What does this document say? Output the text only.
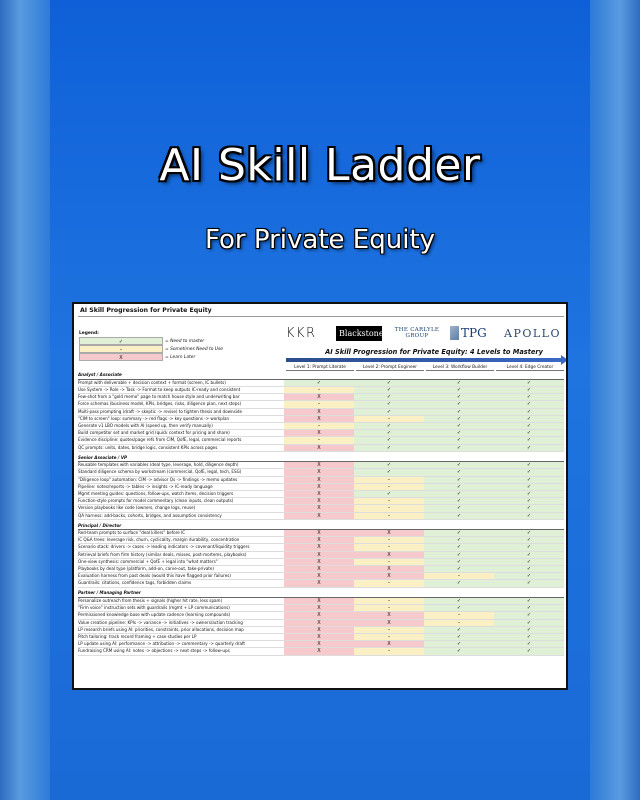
AI Skill Ladder
For Private Equity
AI Skill Progression for Private Equity
Legend:
✓	= Need to master
–	= Sometimes Need to Use
X	= Learn Later
KKR	Blackstone	THE CARLYLE GROUP	TPG APOLLO
AI Skill Progression for Private Equity: 4 Levels to Mastery
Level 1: Prompt Literate	Level 2: Prompt Engineer	Level 3: Workflow Builder	Level 4: Edge Creator
Analyst / Associate				
Prompt with deliverable + decision context + format (screen, IC bullets)	✓	✓	✓	✓
Use System -> Role -> Task -> Format to keep outputs IC-ready and consistent	–	✓	✓	✓
Few-shot from a "gold memo" page to match house style and underwriting bar	X	✓	✓	✓
Force schemas (business model, KPIs, bridges, risks, diligence plan, next steps)	–	✓	✓	✓
Multi-pass prompting (draft -> skeptic -> revise) to tighten thesis and downside	X	✓	✓	✓
"CIM to screen" loop: summary -> red flags -> key questions -> workplan	X	–	✓	✓
Generate v1 LBO models with AI (speed up, then verify manually)	–	✓	✓	✓
Build competitor set and market grid (quick context for pricing and share)	X	✓	✓	✓
Evidence discipline: quotes/page refs from CIM, QofE, legal, commercial reports	–	✓	✓	✓
QC prompts: units, dates, bridge logic, consistent KPIs across pages	X	✓	✓	✓

Senior Associate / VP				
Reusable templates with variables (deal type, leverage, hold, diligence depth)	X	✓	✓	✓
Standard diligence schema by workstream (commercial, QofE, legal, tech, ESG)	X	✓	✓	✓
"Diligence loop" automation: CIM -> advisor Qs -> findings -> memo updates	X	–	✓	✓
Pipeline: notes/reports -> tables -> insights -> IC-ready language	X	–	✓	✓
Mgmt meeting guides: questions, follow-ups, watch items, decision triggers	X	✓	✓	✓
Function-style prompts for model commentary (clean inputs, clean outputs)	X	–	✓	✓
Version playbooks like code (owners, change logs, reuse)	X	–	✓	✓
QA harness: add-backs, cohorts, bridges, and assumption consistency	X	–	✓	✓

Principal / Director				
Red-team prompts to surface "deal killers" before IC	X	X	✓	✓
IC Q&A trees: leverage risk, churn, cyclicality, margin durability, concentration	X	–	✓	✓
Scenario stack: drivers -> cases -> leading indicators -> covenant/liquidity triggers	X	–	✓	✓
Retrieval briefs from firm history (similar deals, misses, post-mortems, playbooks)	X	X	✓	✓
One-view synthesis: commercial + QofE + legal into "what matters"	X	–	✓	✓
Playbooks by deal type (platform, add-on, carve-out, take-private)	X	X	✓	✓
Evaluation harness from past deals (would this have flagged prior failures)	X	X	–	✓
Guardrails: citations, confidence tags, forbidden claims	X	–	✓	✓

Partner / Managing Partner				
Personalize outreach from thesis + signals (higher hit rate, less spam)	X	–	✓	✓
"Firm voice" instruction sets with guardrails (mgmt + LP communications)	X	–	✓	✓
Permissioned knowledge base with update cadence (learning compounds)	X	X	–	✓
Value creation pipeline: KPIs -> variance -> initiatives -> owners/action tracking	X	X	–	✓
LP research briefs using AI: priorities, constraints, prior allocations, decision map	X	–	✓	✓
Pitch tailoring: track record framing + case studies per LP	X	–	✓	✓
LP update using AI: performance -> attribution -> commentary -> quarterly draft	X	X	✓	✓
Fundraising CRM using AI: notes -> objections -> next steps -> follow-ups	X	–	✓	✓
